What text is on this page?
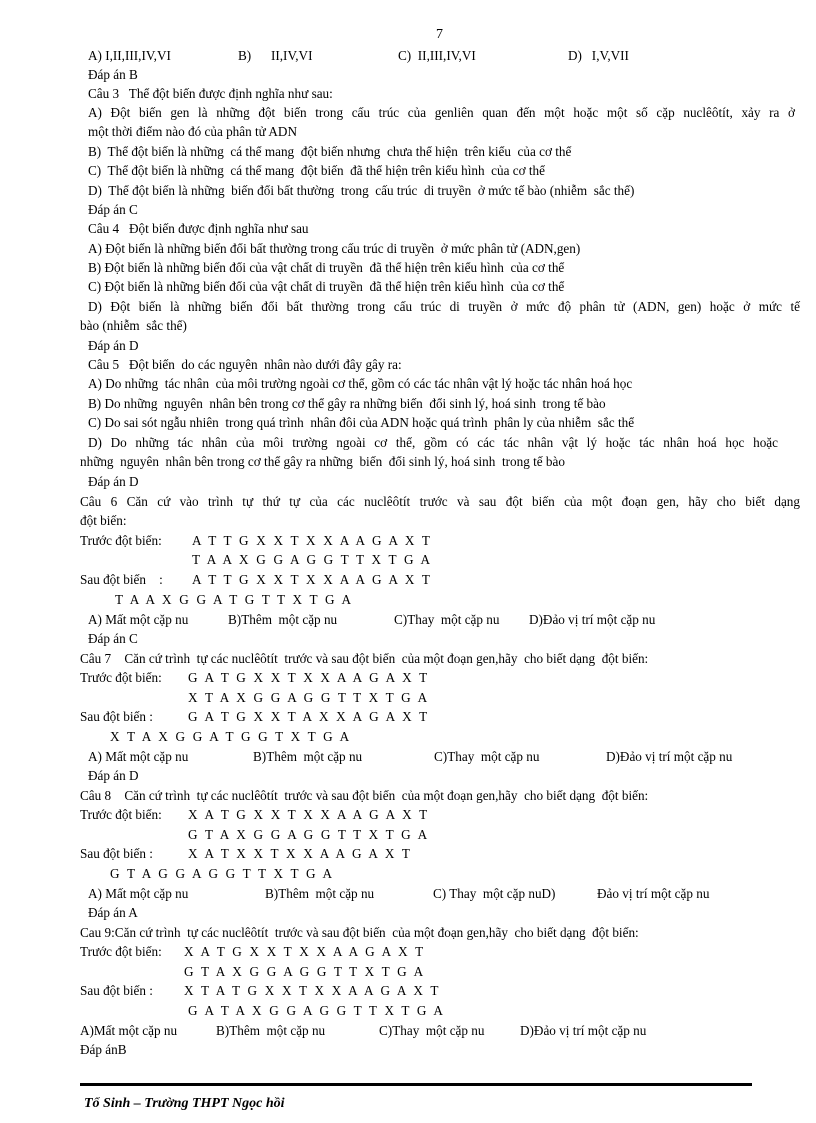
7
A) I,II,III,IV,VI	B)      II,IV,VI	C)  II,III,IV,VI	D)   I,V,VII
Đáp án B
Câu 3   Thể đột biến được định nghĩa như sau:
A) Đột biến gen là những đột biến trong cấu trúc của genliên quan đến một hoặc một số cặp nuclêôtít, xảy ra ở
một thời điểm nào đó của phân tử ADN
B)  Thể đột biến là những  cá thể mang  đột biến nhưng  chưa thể hiện  trên kiểu  của cơ thể
C)  Thể đột biến là những  cá thể mang  đột biến  đã thể hiện trên kiểu hình  của cơ thể
D)  Thể đột biến là những  biến đổi bất thường  trong  cấu trúc  di truyền  ở mức tế bào (nhiễm  sắc thể)
Đáp án C
Câu 4   Đột biến được định nghĩa như sau
A) Đột biến là những biến đổi bất thường trong cấu trúc di truyền  ở mức phân tử (ADN,gen)
B) Đột biến là những biến đổi của vật chất di truyền  đã thể hiện trên kiểu hình  của cơ thể
C) Đột biến là những biến đổi của vật chất di truyền  đã thể hiện trên kiểu hình  của cơ thể
D) Đột biến là những biến đổi bất thường trong cấu trúc di truyền ở mức độ phân tử (ADN, gen) hoặc ở mức tế
bào (nhiễm  sắc thể)
Đáp án D
Câu 5   Đột biến  do các nguyên  nhân nào dưới đây gây ra:
A) Do những  tác nhân  của môi trường ngoài cơ thể, gồm có các tác nhân vật lý hoặc tác nhân hoá học
B) Do những  nguyên  nhân bên trong cơ thể gây ra những biến  đổi sinh lý, hoá sinh  trong tế bào
C) Do sai sót ngẫu nhiên  trong quá trình  nhân đôi của ADN hoặc quá trình  phân ly của nhiễm  sắc thể
D) Do những tác nhân của môi trường ngoài cơ thể, gồm có các tác nhân vật lý hoặc tác nhân hoá học hoặc
những  nguyên  nhân bên trong cơ thể gây ra những  biến  đổi sinh lý, hoá sinh  trong tế bào
Đáp án D
Câu 6 Căn cứ vào trình tự thứ tự của các nuclêôtít trước và sau đột biến của một đoạn gen, hãy cho biết dạng
đột biến:
Trước đột biến: A T T G X X T X X A A G A X T
T A A X G G A G G T T X T G A
Sau đột biến    : A T T G X X T X X A A G A X T
T A A X G G A T G T T X T G A
A) Mất một cặp nu	B)Thêm  một cặp nu	C)Thay  một cặp nu D)Đảo vị trí một cặp nu
Đáp án C
Câu 7    Căn cứ trình  tự các nuclêôtít  trước và sau đột biến  của một đoạn gen,hãy  cho biết dạng  đột biến:
Trước đột biến: G A T G X X T X X A A G A X T
X T A X G G A G G T T X T G A
Sau đột biến :	G A T G X X T A X X A G A X T
X T A X G G A T G G T X T G A
A) Mất một cặp nu	B)Thêm  một cặp nu	C)Thay  một cặp nu	D)Đảo vị trí một cặp nu
Đáp án D
Câu 8    Căn cứ trình  tự các nuclêôtít  trước và sau đột biến  của một đoạn gen,hãy  cho biết dạng  đột biến:
Trước đột biến: X A T G X X T X X A A G A X T
G T A X G G A G G T T X T G A
Sau đột biến :	X A T X X T X X A A G A X T
G T A G G A G G T T X T G A
A) Mất một cặp nu	B)Thêm  một cặp nu	C) Thay  một cặp nuD)	Đảo vị trí một cặp nu
Đáp án A
Cau 9:Căn cứ trình  tự các nuclêôtít  trước và sau đột biến  của một đoạn gen,hãy  cho biết dạng  đột biến:
Trước đột biến: X A T G X X T X X A A G A X T
G T A X G G A G G T T X T G A
Sau đột biến : X T A T G X X T X X A A G A X T
G A T A X G G A G G T T X T G A
A)Mất một cặp nu	B)Thêm  một cặp nu	C)Thay  một cặp nu	D)Đảo vị trí một cặp nu
Đáp ánB
Tổ Sinh – Trường THPT Ngọc hồi
